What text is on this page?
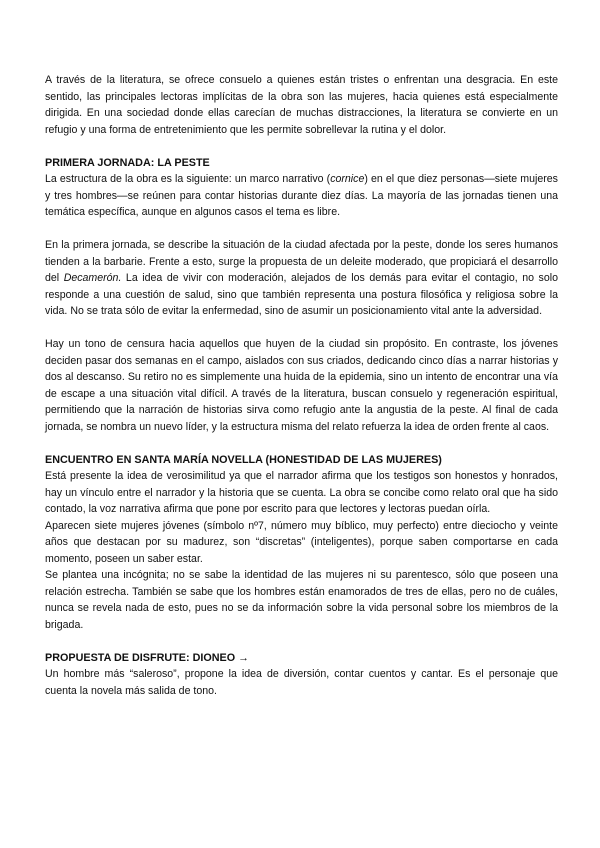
A través de la literatura, se ofrece consuelo a quienes están tristes o enfrentan una desgracia. En este sentido, las principales lectoras implícitas de la obra son las mujeres, hacia quienes está especialmente dirigida. En una sociedad donde ellas carecían de muchas distracciones, la literatura se convierte en un refugio y una forma de entretenimiento que les permite sobrellevar la rutina y el dolor.

PRIMERA JORNADA: LA PESTE

La estructura de la obra es la siguiente: un marco narrativo (cornice) en el que diez personas—siete mujeres y tres hombres—se reúnen para contar historias durante diez días. La mayoría de las jornadas tienen una temática específica, aunque en algunos casos el tema es libre.

En la primera jornada, se describe la situación de la ciudad afectada por la peste, donde los seres humanos tienden a la barbarie. Frente a esto, surge la propuesta de un deleite moderado, que propiciará el desarrollo del Decamerón. La idea de vivir con moderación, alejados de los demás para evitar el contagio, no solo responde a una cuestión de salud, sino que también representa una postura filosófica y religiosa sobre la vida. No se trata sólo de evitar la enfermedad, sino de asumir un posicionamiento vital ante la adversidad.

Hay un tono de censura hacia aquellos que huyen de la ciudad sin propósito. En contraste, los jóvenes deciden pasar dos semanas en el campo, aislados con sus criados, dedicando cinco días a narrar historias y dos al descanso. Su retiro no es simplemente una huida de la epidemia, sino un intento de encontrar una vía de escape a una situación vital difícil. A través de la literatura, buscan consuelo y regeneración espiritual, permitiendo que la narración de historias sirva como refugio ante la angustia de la peste. Al final de cada jornada, se nombra un nuevo líder, y la estructura misma del relato refuerza la idea de orden frente al caos.

ENCUENTRO EN SANTA MARÍA NOVELLA (HONESTIDAD DE LAS MUJERES)

Está presente la idea de verosimilitud ya que el narrador afirma que los testigos son honestos y honrados, hay un vínculo entre el narrador y la historia que se cuenta. La obra se concibe como relato oral que ha sido contado, la voz narrativa afirma que pone por escrito para que lectores y lectoras puedan oírla.

Aparecen siete mujeres jóvenes (símbolo nº7, número muy bíblico, muy perfecto) entre dieciocho y veinte años que destacan por su madurez, son “discretas” (inteligentes), porque saben comportarse en cada momento, poseen un saber estar.

Se plantea una incógnita; no se sabe la identidad de las mujeres ni su parentesco, sólo que poseen una relación estrecha. También se sabe que los hombres están enamorados de tres de ellas, pero no de cuáles, nunca se revela nada de esto, pues no se da información sobre la vida personal sobre los miembros de la brigada.

PROPUESTA DE DISFRUTE: DIONEO →

Un hombre más “saleroso”, propone la idea de diversión, contar cuentos y cantar. Es el personaje que cuenta la novela más salida de tono.
